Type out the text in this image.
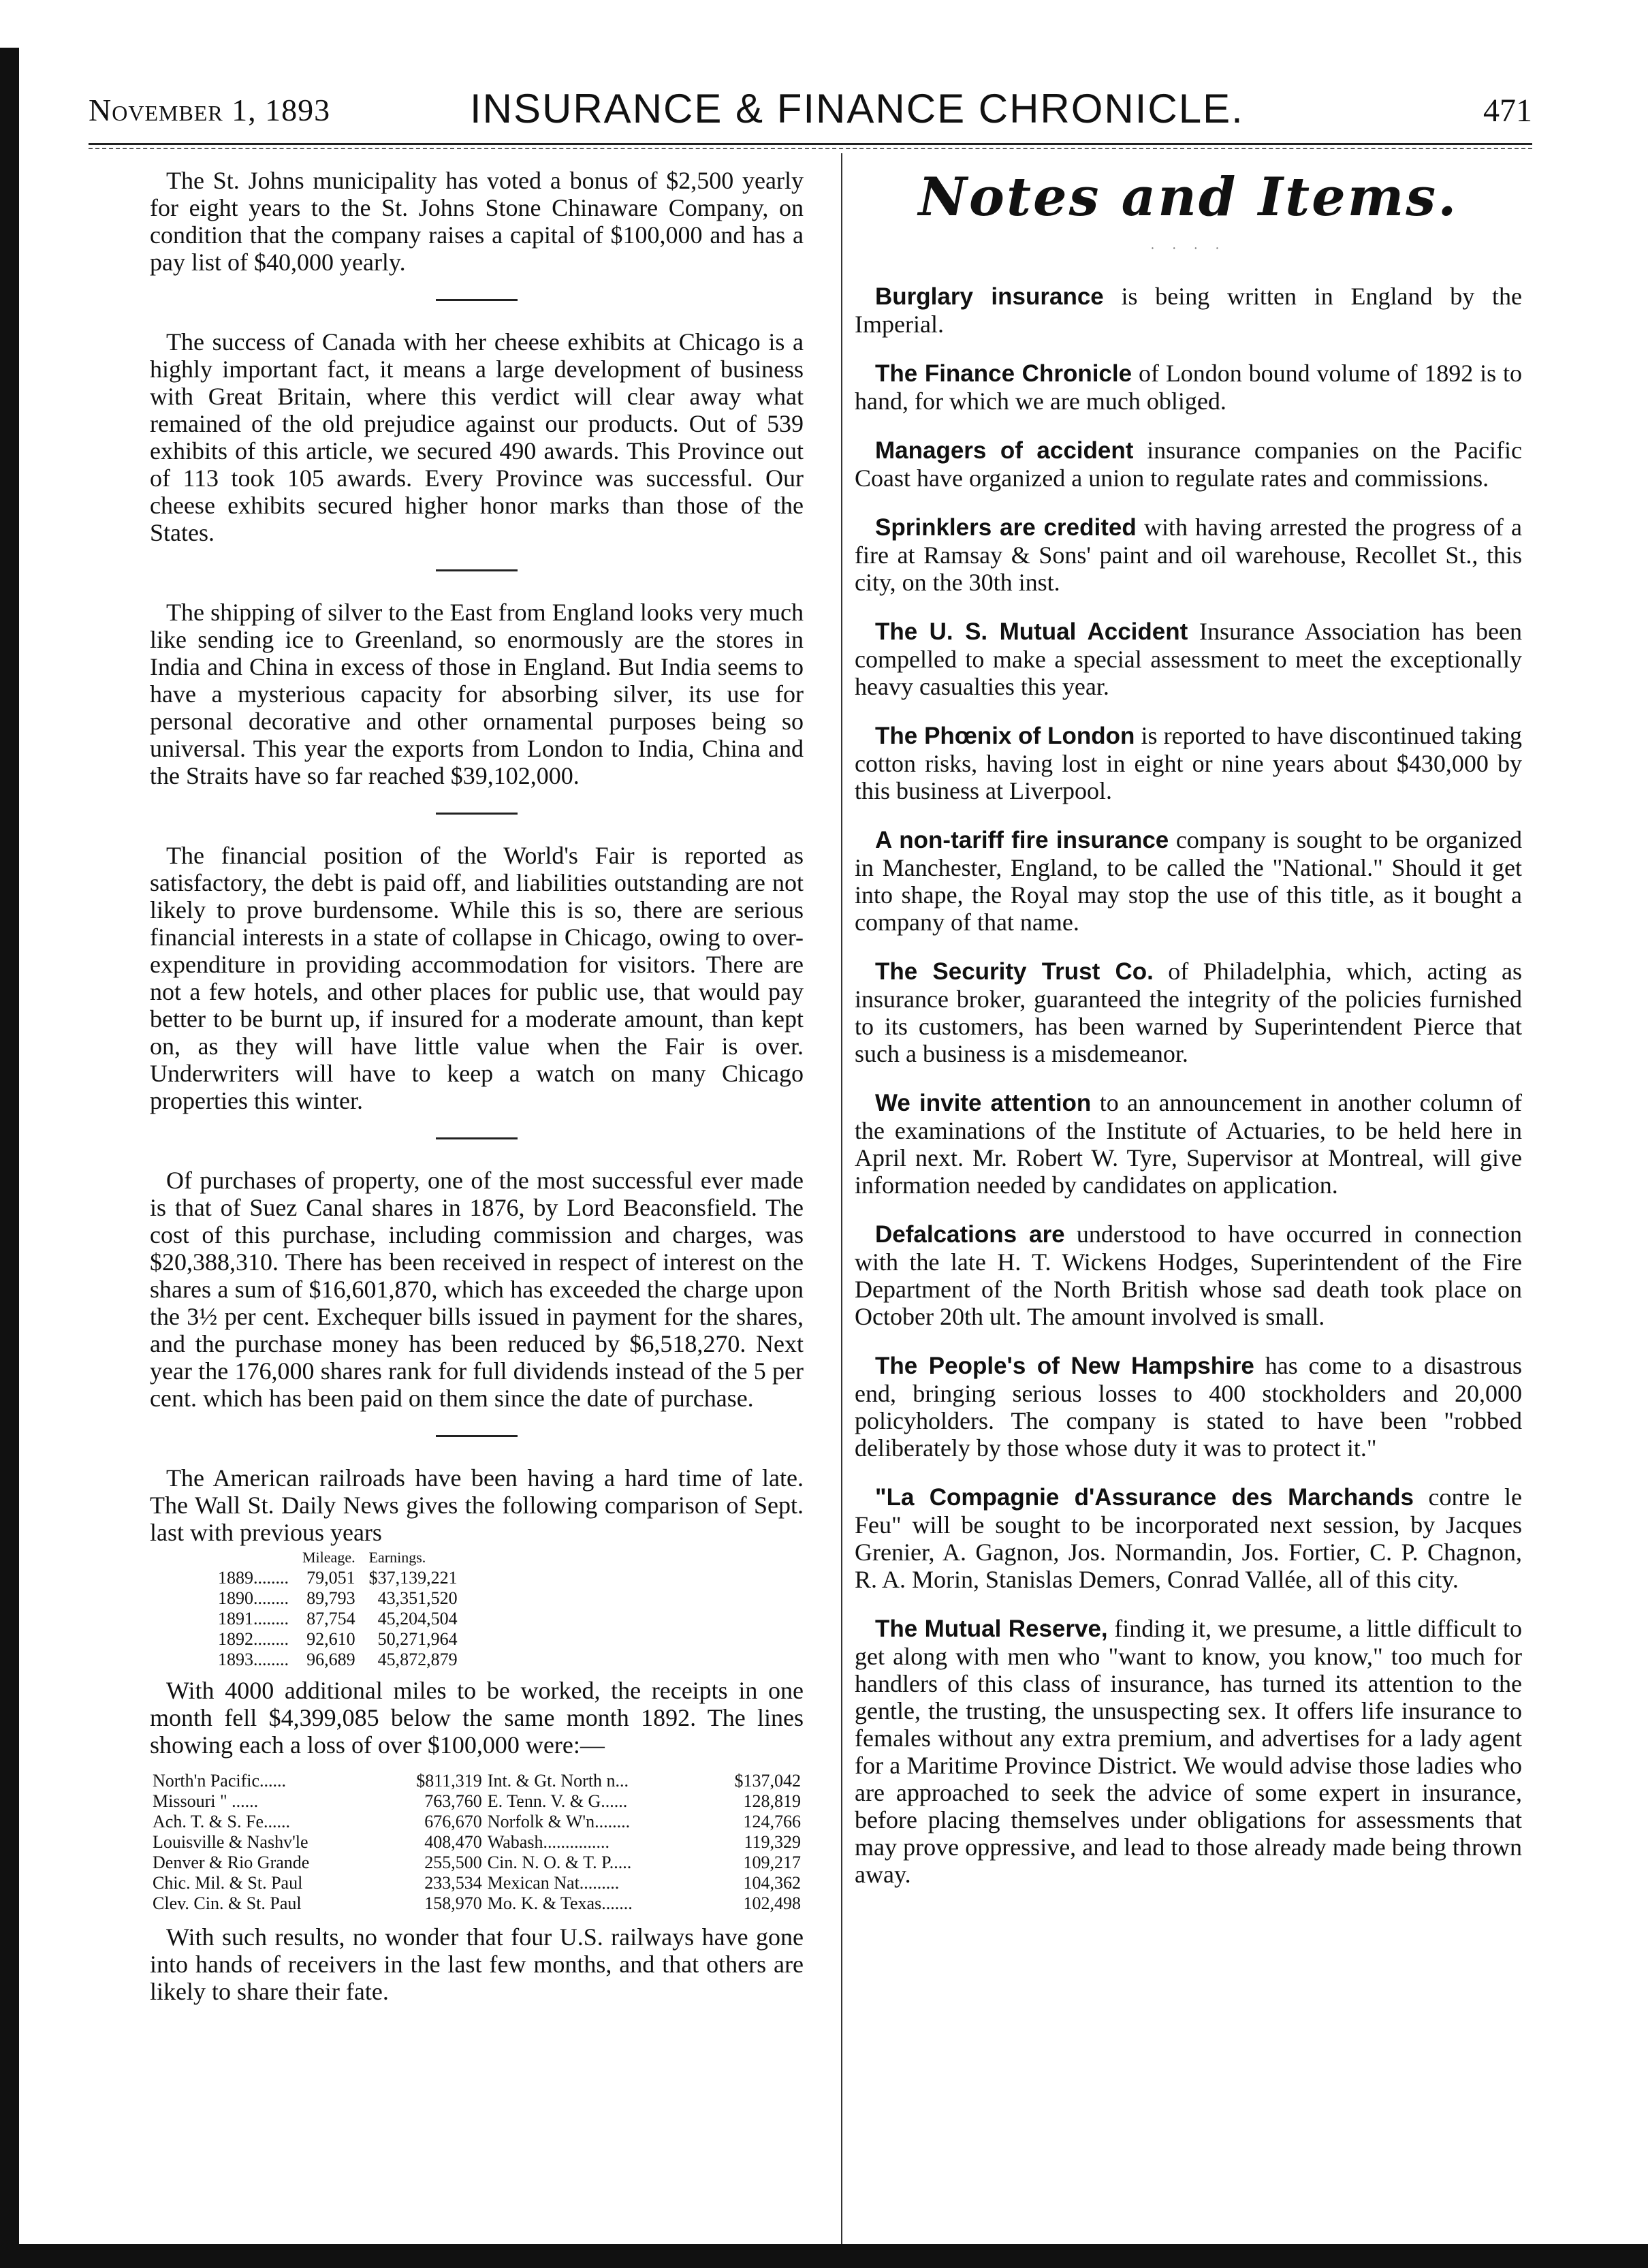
November 1, 1893	INSURANCE & FINANCE CHRONICLE.	471

The St. Johns municipality has voted a bonus of $2,500 yearly for eight years to the St. Johns Stone Chinaware Company, on condition that the company raises a capital of $100,000 and has a pay list of $40,000 yearly.

The success of Canada with her cheese exhibits at Chicago is a highly important fact, it means a large development of business with Great Britain, where this verdict will clear away what remained of the old prejudice against our products. Out of 539 exhibits of this article, we secured 490 awards. This Province out of 113 took 105 awards. Every Province was successful. Our cheese exhibits secured higher honor marks than those of the States.

The shipping of silver to the East from England looks very much like sending ice to Greenland, so enormously are the stores in India and China in excess of those in England. But India seems to have a mysterious capacity for absorbing silver, its use for personal decorative and other ornamental purposes being so universal. This year the exports from London to India, China and the Straits have so far reached $39,102,000.

The financial position of the World's Fair is reported as satisfactory, the debt is paid off, and liabilities outstanding are not likely to prove burdensome. While this is so, there are serious financial interests in a state of collapse in Chicago, owing to over-expenditure in providing accommodation for visitors. There are not a few hotels, and other places for public use, that would pay better to be burnt up, if insured for a moderate amount, than kept on, as they will have little value when the Fair is over. Underwriters will have to keep a watch on many Chicago properties this winter.

Of purchases of property, one of the most successful ever made is that of Suez Canal shares in 1876, by Lord Beaconsfield. The cost of this purchase, including commission and charges, was $20,388,310. There has been received in respect of interest on the shares a sum of $16,601,870, which has exceeded the charge upon the 3½ per cent. Exchequer bills issued in payment for the shares, and the purchase money has been reduced by $6,518,270. Next year the 176,000 shares rank for full dividends instead of the 5 per cent. which has been paid on them since the date of purchase.

The American railroads have been having a hard time of late. The Wall St. Daily News gives the following comparison of Sept. last with previous years

	Mileage.	Earnings.
1889........	79,051	$37,139,221
1890........	89,793	43,351,520
1891........	87,754	45,204,504
1892........	92,610	50,271,964
1893........	96,689	45,872,879

With 4000 additional miles to be worked, the receipts in one month fell $4,399,085 below the same month 1892. The lines showing each a loss of over $100,000 were:—

North'n Pacific......	$811,319	Int. & Gt. North n...	$137,042
Missouri " ......	763,760	E. Tenn. V. & G......	128,819
Ach. T. & S. Fe......	676,670	Norfolk & W'n........	124,766
Louisville & Nashv'le	408,470	Wabash...............	119,329
Denver & Rio Grande	255,500	Cin. N. O. & T. P.....	109,217
Chic. Mil. & St. Paul	233,534	Mexican Nat.........	104,362
Clev. Cin. & St. Paul	158,970	Mo. K. & Texas.......	102,498

With such results, no wonder that four U.S. railways have gone into hands of receivers in the last few months, and that others are likely to share their fate.

Notes and Items.
· · · ·

Burglary insurance is being written in England by the Imperial.

The Finance Chronicle of London bound volume of 1892 is to hand, for which we are much obliged.

Managers of accident insurance companies on the Pacific Coast have organized a union to regulate rates and commissions.

Sprinklers are credited with having arrested the progress of a fire at Ramsay & Sons' paint and oil warehouse, Recollet St., this city, on the 30th inst.

The U. S. Mutual Accident Insurance Association has been compelled to make a special assessment to meet the exceptionally heavy casualties this year.

The Phœnix of London is reported to have discontinued taking cotton risks, having lost in eight or nine years about $430,000 by this business at Liverpool.

A non-tariff fire insurance company is sought to be organized in Manchester, England, to be called the "National." Should it get into shape, the Royal may stop the use of this title, as it bought a company of that name.

The Security Trust Co. of Philadelphia, which, acting as insurance broker, guaranteed the integrity of the policies furnished to its customers, has been warned by Superintendent Pierce that such a business is a misdemeanor.

We invite attention to an announcement in another column of the examinations of the Institute of Actuaries, to be held here in April next. Mr. Robert W. Tyre, Supervisor at Montreal, will give information needed by candidates on application.

Defalcations are understood to have occurred in connection with the late H. T. Wickens Hodges, Superintendent of the Fire Department of the North British whose sad death took place on October 20th ult. The amount involved is small.

The People's of New Hampshire has come to a disastrous end, bringing serious losses to 400 stockholders and 20,000 policyholders. The company is stated to have been "robbed deliberately by those whose duty it was to protect it."

"La Compagnie d'Assurance des Marchands contre le Feu" will be sought to be incorporated next session, by Jacques Grenier, A. Gagnon, Jos. Normandin, Jos. Fortier, C. P. Chagnon, R. A. Morin, Stanislas Demers, Conrad Vallée, all of this city.

The Mutual Reserve, finding it, we presume, a little difficult to get along with men who "want to know, you know," too much for handlers of this class of insurance, has turned its attention to the gentle, the trusting, the unsuspecting sex. It offers life insurance to females without any extra premium, and advertises for a lady agent for a Maritime Province District. We would advise those ladies who are approached to seek the advice of some expert in insurance, before placing themselves under obligations for assessments that may prove oppressive, and lead to those already made being thrown away.
